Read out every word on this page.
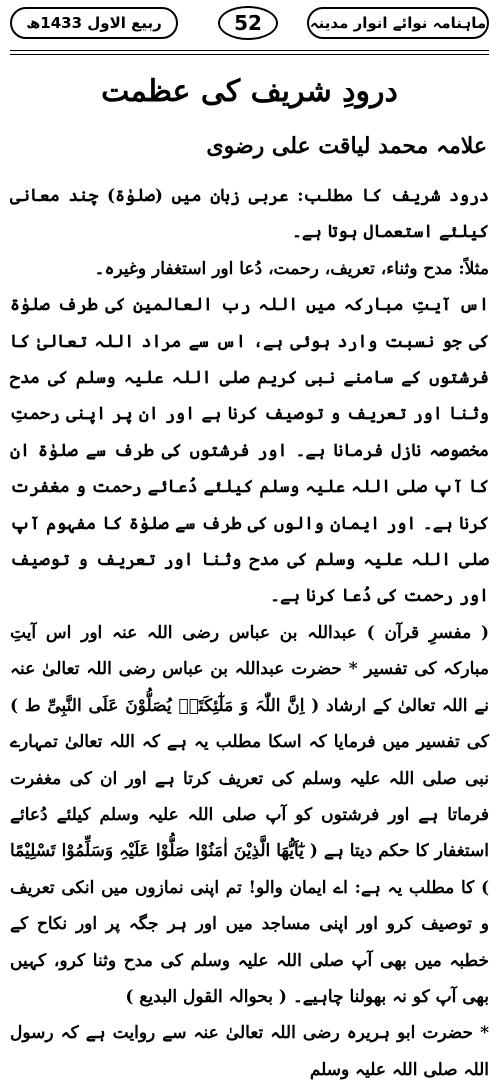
ربیع الاول 1433ھ	52	ماہنامہ نوائے انوار مدینہ
درودِ شریف کی عظمت
علامہ محمد لیاقت علی رضوی

درود شریف کا مطلب: عربی زبان میں (صلوٰۃ) چند معانی کیلئے استعمال ہوتا ہے۔

مثلاً: مدح وثناء، تعریف، رحمت، دُعا اور استغفار وغیرہ۔

اس آیتِ مبارکہ میں اللہ رب العالمین کی طرف صلوٰۃ کی جو نسبت وارد ہوئی ہے، اس سے مراد اللہ تعالیٰ کا فرشتوں کے سامنے نبی کریم صلی اللہ علیہ وسلم کی مدح وثنا اور تعریف و توصیف کرنا ہے اور ان پر اپنی رحمتِ مخصوصہ نازل فرمانا ہے۔ اور فرشتوں کی طرف سے صلوٰۃ ان کا آپ صلی اللہ علیہ وسلم کیلئے دُعائے رحمت و مغفرت کرنا ہے۔ اور ایمان والوں کی طرف سے صلوٰۃ کا مفہوم آپ صلی اللہ علیہ وسلم کی مدح وثنا اور تعریف و توصیف اور رحمت کی دُعا کرنا ہے۔

( مفسرِ قرآن ) عبداللہ بن عباس رضی اللہ عنہ اور اس آیتِ مبارکہ کی تفسیر * حضرت عبداللہ بن عباس رضی اللہ تعالیٰ عنہ نے اللہ تعالیٰ کے ارشاد ( اِنَّ اللّٰہَ وَ مَلٰٓئِکَتَہٗ یُصَلُّوْنَ عَلَی النَّبِیِّ ط ) کی تفسیر میں فرمایا کہ اسکا مطلب یہ ہے کہ اللہ تعالیٰ تمہارے نبی صلی اللہ علیہ وسلم کی تعریف کرتا ہے اور ان کی مغفرت فرماتا ہے اور فرشتوں کو آپ صلی اللہ علیہ وسلم کیلئے دُعائے استغفار کا حکم دیتا ہے ( یٰٓاَیُّھَا الَّذِیْنَ اٰمَنُوْا صَلُّوْا عَلَیْہِ وَسَلِّمُوْا تَسْلِیْمًا ) کا مطلب یہ ہے: اے ایمان والو! تم اپنی نمازوں میں انکی تعریف و توصیف کرو اور اپنی مساجد میں اور ہر جگہ پر اور نکاح کے خطبہ میں بھی آپ صلی اللہ علیہ وسلم کی مدح وثنا کرو، کہیں بھی آپ کو نہ بھولنا چاہیے۔ ( بحوالہ القول البدیع )

* حضرت ابو ہریرہ رضی اللہ تعالیٰ عنہ سے روایت ہے کہ رسول اللہ صلی اللہ علیہ وسلم
